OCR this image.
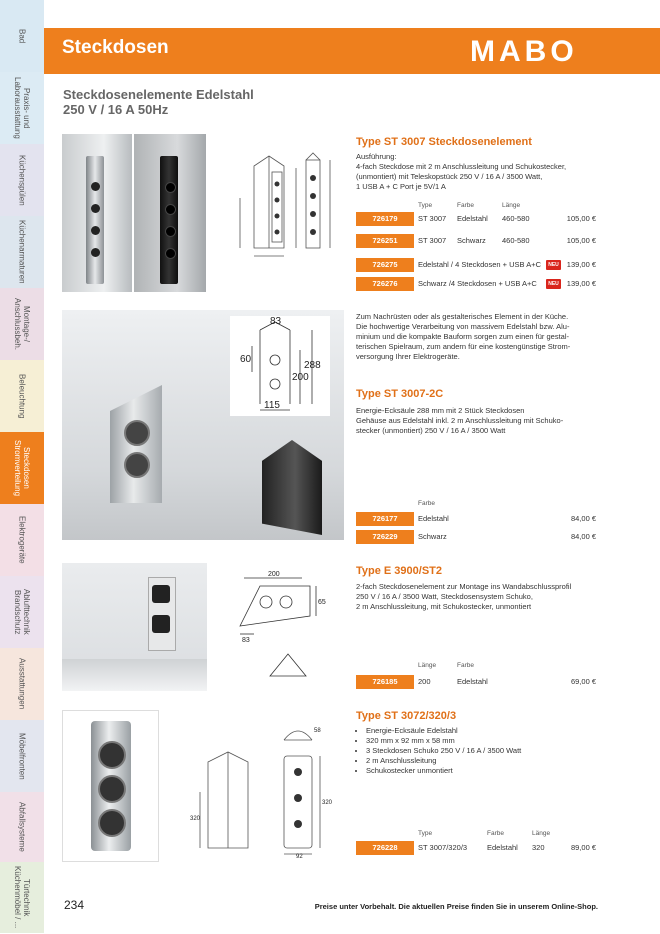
Bad
Praxis- und
Laborausstattung
Küchenspülen
Küchenarmaturen
Montage-/
Anschlussbeh.
Beleuchtung
Steckdosen
Stromverteilung
Elektrogeräte
Ablufttechnik
Brandschutz
Ausstattungen
Möbelfronten
Abfallsysteme
Türtechnik
Küchenmöbel / ...
Steckdosen	MABO
Steckdosenelemente Edelstahl
250 V / 16 A 50Hz
Type ST 3007 Steckdosenelement
Ausführung:
4-fach Steckdose mit 2 m Anschlussleitung und Schukostecker,
(unmontiert) mit Teleskopstück 250 V / 16 A / 3500 Watt,
1 USB A + C Port je 5V/1 A
Type	Farbe	Länge
726179	ST 3007 Edelstahl 460-580	105,00 €
726251	ST 3007 Schwarz 460-580	105,00 €
726275	Edelstahl / 4 Steckdosen + USB A+C	NEU 139,00 €
726276	Schwarz /4 Steckdosen + USB A+C	NEU 139,00 €
83
60
288
200
115
Zum Nachrüsten oder als gestalterisches Element in der Küche.
Die hochwertige Verarbeitung von massivem Edelstahl bzw. Alu-
minium und die kompakte Bauform sorgen zum einen für gestal-
terischen Spielraum, zum andern für eine kostengünstige Strom-
versorgung Ihrer Elektrogeräte.
Type ST 3007-2C
Energie-Ecksäule 288 mm mit 2 Stück Steckdosen
Gehäuse aus Edelstahl inkl. 2 m Anschlussleitung mit Schuko-
stecker (unmontiert) 250 V / 16 A / 3500 Watt
Farbe
726177	Edelstahl	84,00 €
726229	Schwarz	84,00 €
200
83
65
Type E 3900/ST2
2-fach Steckdosenelement zur Montage ins Wandabschlussprofil
250 V / 16 A / 3500 Watt, Steckdosensystem Schuko,
2 m Anschlussleitung, mit Schukostecker, unmontiert
Länge	Farbe
726185	200	Edelstahl	69,00 €
58
92
320
320
Type ST 3072/320/3
• Energie-Ecksäule Edelstahl
• 320 mm x 92 mm x 58 mm
• 3 Steckdosen Schuko 250 V / 16 A / 3500 Watt
• 2 m Anschlussleitung
• Schukostecker unmontiert
Type	Farbe	Länge
726228	ST 3007/320/3	Edelstahl 320	89,00 €
234	Preise unter Vorbehalt. Die aktuellen Preise finden Sie in unserem Online-Shop.
